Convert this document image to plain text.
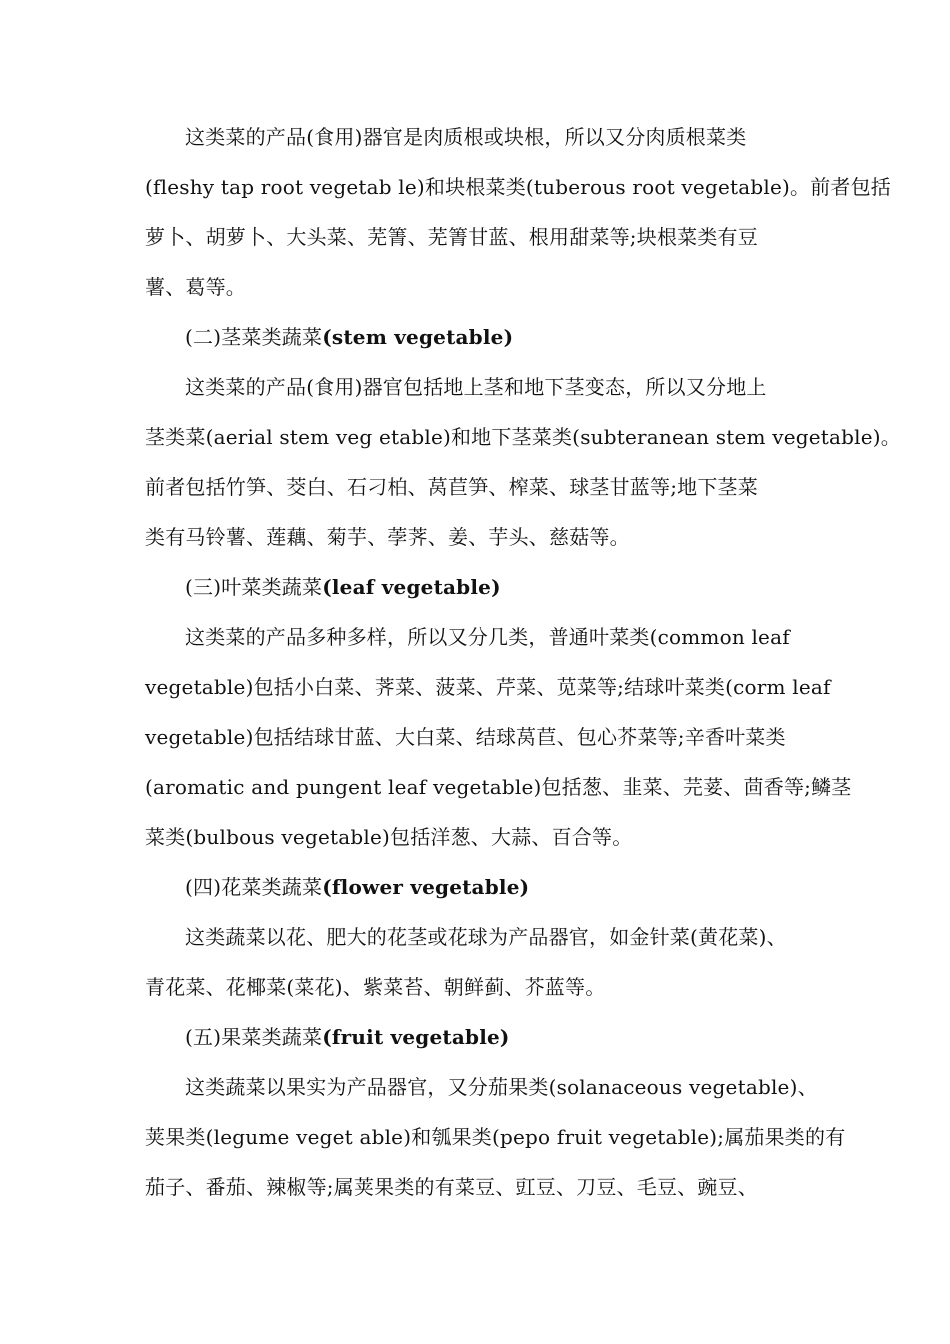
这类菜的产品(食用)器官是肉质根或块根，所以又分肉质根菜类
(fleshy tap root vegetab le)和块根菜类(tuberous root vegetable)。前者包括
萝卜、胡萝卜、大头菜、芜箐、芜箐甘蓝、根用甜菜等;块根菜类有豆
薯、葛等。
(二)茎菜类蔬菜(stem vegetable)
这类菜的产品(食用)器官包括地上茎和地下茎变态，所以又分地上
茎类菜(aerial stem veg etable)和地下茎菜类(subteranean stem vegetable)。
前者包括竹笋、茭白、石刁柏、莴苣笋、榨菜、球茎甘蓝等;地下茎菜
类有马铃薯、莲藕、菊芋、荸荠、姜、芋头、慈菇等。
(三)叶菜类蔬菜(leaf vegetable)
这类菜的产品多种多样，所以又分几类，普通叶菜类(common leaf
vegetable)包括小白菜、荠菜、菠菜、芹菜、苋菜等;结球叶菜类(corm leaf
vegetable)包括结球甘蓝、大白菜、结球莴苣、包心芥菜等;辛香叶菜类
(aromatic and pungent leaf vegetable)包括葱、韭菜、芫荽、茴香等;鳞茎
菜类(bulbous vegetable)包括洋葱、大蒜、百合等。
(四)花菜类蔬菜(flower vegetable)
这类蔬菜以花、肥大的花茎或花球为产品器官，如金针菜(黄花菜)、
青花菜、花椰菜(菜花)、紫菜苔、朝鲜蓟、芥蓝等。
(五)果菜类蔬菜(fruit vegetable)
这类蔬菜以果实为产品器官，又分茄果类(solanaceous vegetable)、
荚果类(legume veget able)和瓠果类(pepo fruit vegetable);属茄果类的有
茄子、番茄、辣椒等;属荚果类的有菜豆、豇豆、刀豆、毛豆、豌豆、
